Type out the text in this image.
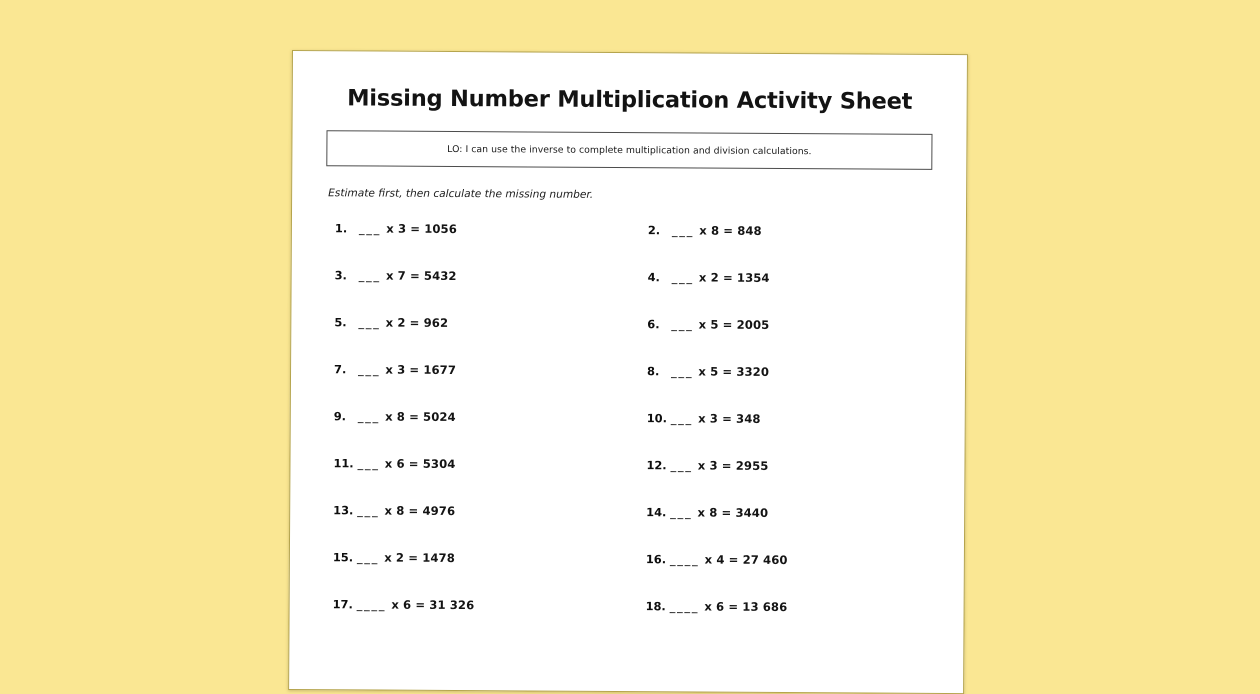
Missing Number Multiplication Activity Sheet
LO: I can use the inverse to complete multiplication and division calculations.
Estimate first, then calculate the missing number.
1.	___ x 3 = 1056	2.	___ x 8 = 848
3.	___ x 7 = 5432	4.	___ x 2 = 1354
5.	___ x 2 = 962	6.	___ x 5 = 2005
7.	___ x 3 = 1677	8.	___ x 5 = 3320
9.	___ x 8 = 5024	10. ___ x 3 = 348
11. ___ x 6 = 5304	12. ___ x 3 = 2955
13. ___ x 8 = 4976	14. ___ x 8 = 3440
15. ___ x 2 = 1478	16. ____ x 4 = 27 460
17. ____ x 6 = 31 326	18. ____ x 6 = 13 686
